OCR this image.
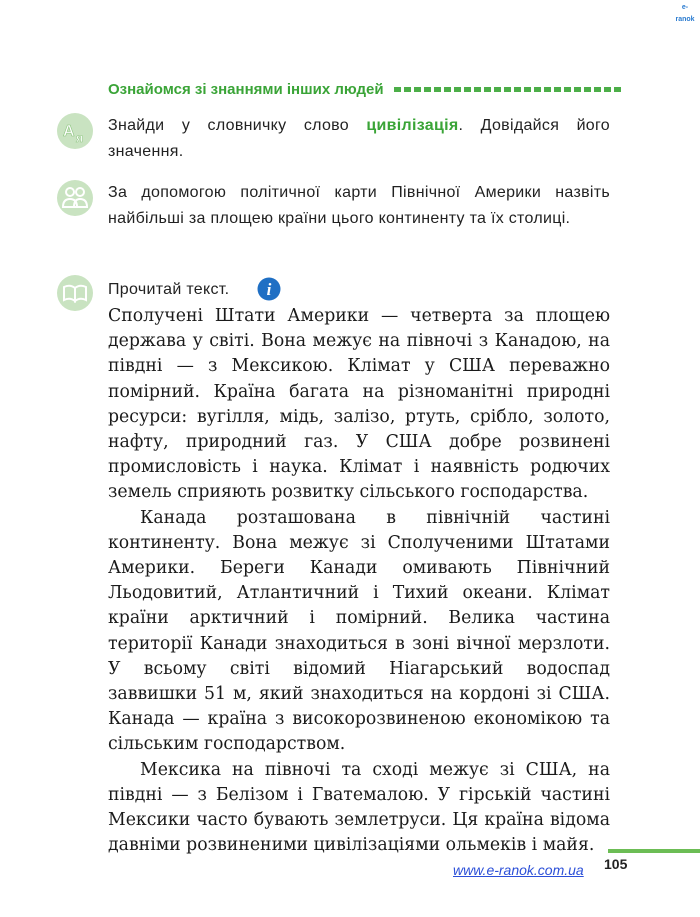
e-ranok
Ознайомся зі знаннями інших людей
А я
Знайди у словничку слово цивілізація. Довідайся його значення.
За допомогою політичної карти Північної Америки назвіть найбільші за площею країни цього континенту та їх столиці.
Прочитай текст. i

Сполучені Штати Америки — четверта за площею держава у світі. Вона межує на півночі з Канадою, на півдні — з Мексикою. Клімат у США переважно помірний. Країна багата на різноманітні природні ресурси: вугілля, мідь, залізо, ртуть, срібло, золото, нафту, природний газ. У США добре розвинені промисловість і наука. Клімат і наявність родючих земель сприяють розвитку сільського господарства.

Канада розташована в північній частині континенту. Вона межує зі Сполученими Штатами Америки. Береги Канади омивають Північний Льодовитий, Атлантичний і Тихий океани. Клімат країни арктичний і помірний. Велика частина території Канади знаходиться в зоні вічної мерзлоти. У всьому світі відомий Ніагарський водоспад заввишки 51 м, який знаходиться на кордоні зі США. Канада — країна з високорозвиненою економікою та сільським господарством.

Мексика на півночі та сході межує зі США, на півдні — з Белізом і Гватемалою. У гірській частині Мексики часто бувають землетруси. Ця країна відома давніми розвиненими цивілізаціями ольмеків і майя.

105
www.e-ranok.com.ua
